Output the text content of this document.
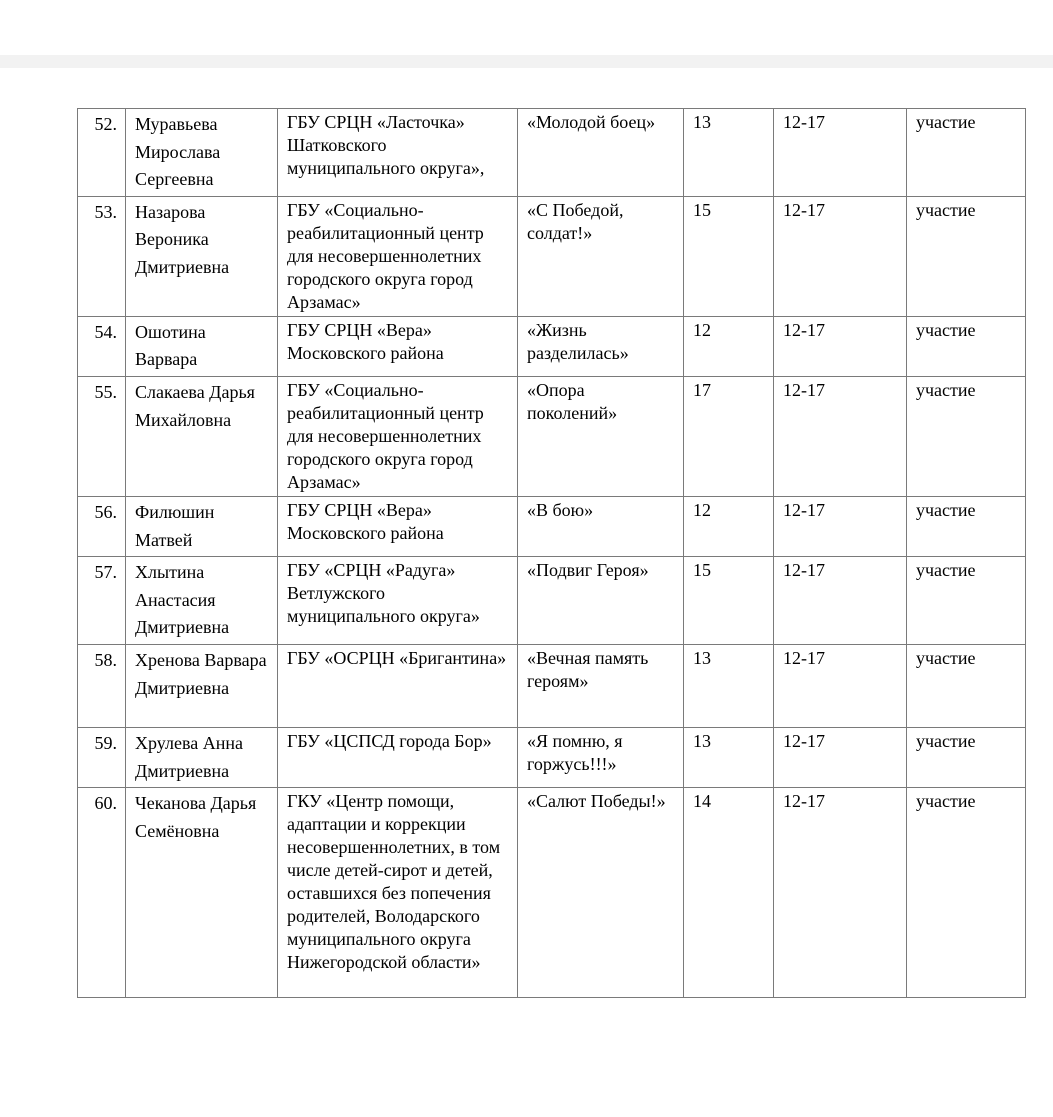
52.	Муравьева Мирослава Сергеевна	ГБУ СРЦН «Ласточка» Шатковского муниципального округа»,	«Молодой боец»	13	12-17	участие
53.	Назарова Вероника Дмитриевна	ГБУ «Социально-реабилитационный центр для несовершеннолетних городского округа город Арзамас»	«С Победой, солдат!»	15	12-17	участие
54.	Ошотина Варвара	ГБУ СРЦН «Вера» Московского района	«Жизнь разделилась»	12	12-17	участие
55.	Слакаева Дарья Михайловна	ГБУ «Социально-реабилитационный центр для несовершеннолетних городского округа город Арзамас»	«Опора поколений»	17	12-17	участие
56.	Филюшин Матвей	ГБУ СРЦН «Вера» Московского района	«В бою»	12	12-17	участие
57.	Хлытина Анастасия Дмитриевна	ГБУ «СРЦН «Радуга» Ветлужского муниципального округа»	«Подвиг Героя»	15	12-17	участие
58.	Хренова Варвара Дмитриевна	ГБУ «ОСРЦН «Бригантина»	«Вечная память героям»	13	12-17	участие
59.	Хрулева Анна Дмитриевна	ГБУ «ЦСПСД города Бор»	«Я помню, я горжусь!!!»	13	12-17	участие
60.	Чеканова Дарья Семёновна	ГКУ «Центр помощи, адаптации и коррекции несовершеннолетних, в том числе детей-сирот и детей, оставшихся без попечения родителей, Володарского муниципального округа Нижегородской области»	«Салют Победы!»	14	12-17	участие
